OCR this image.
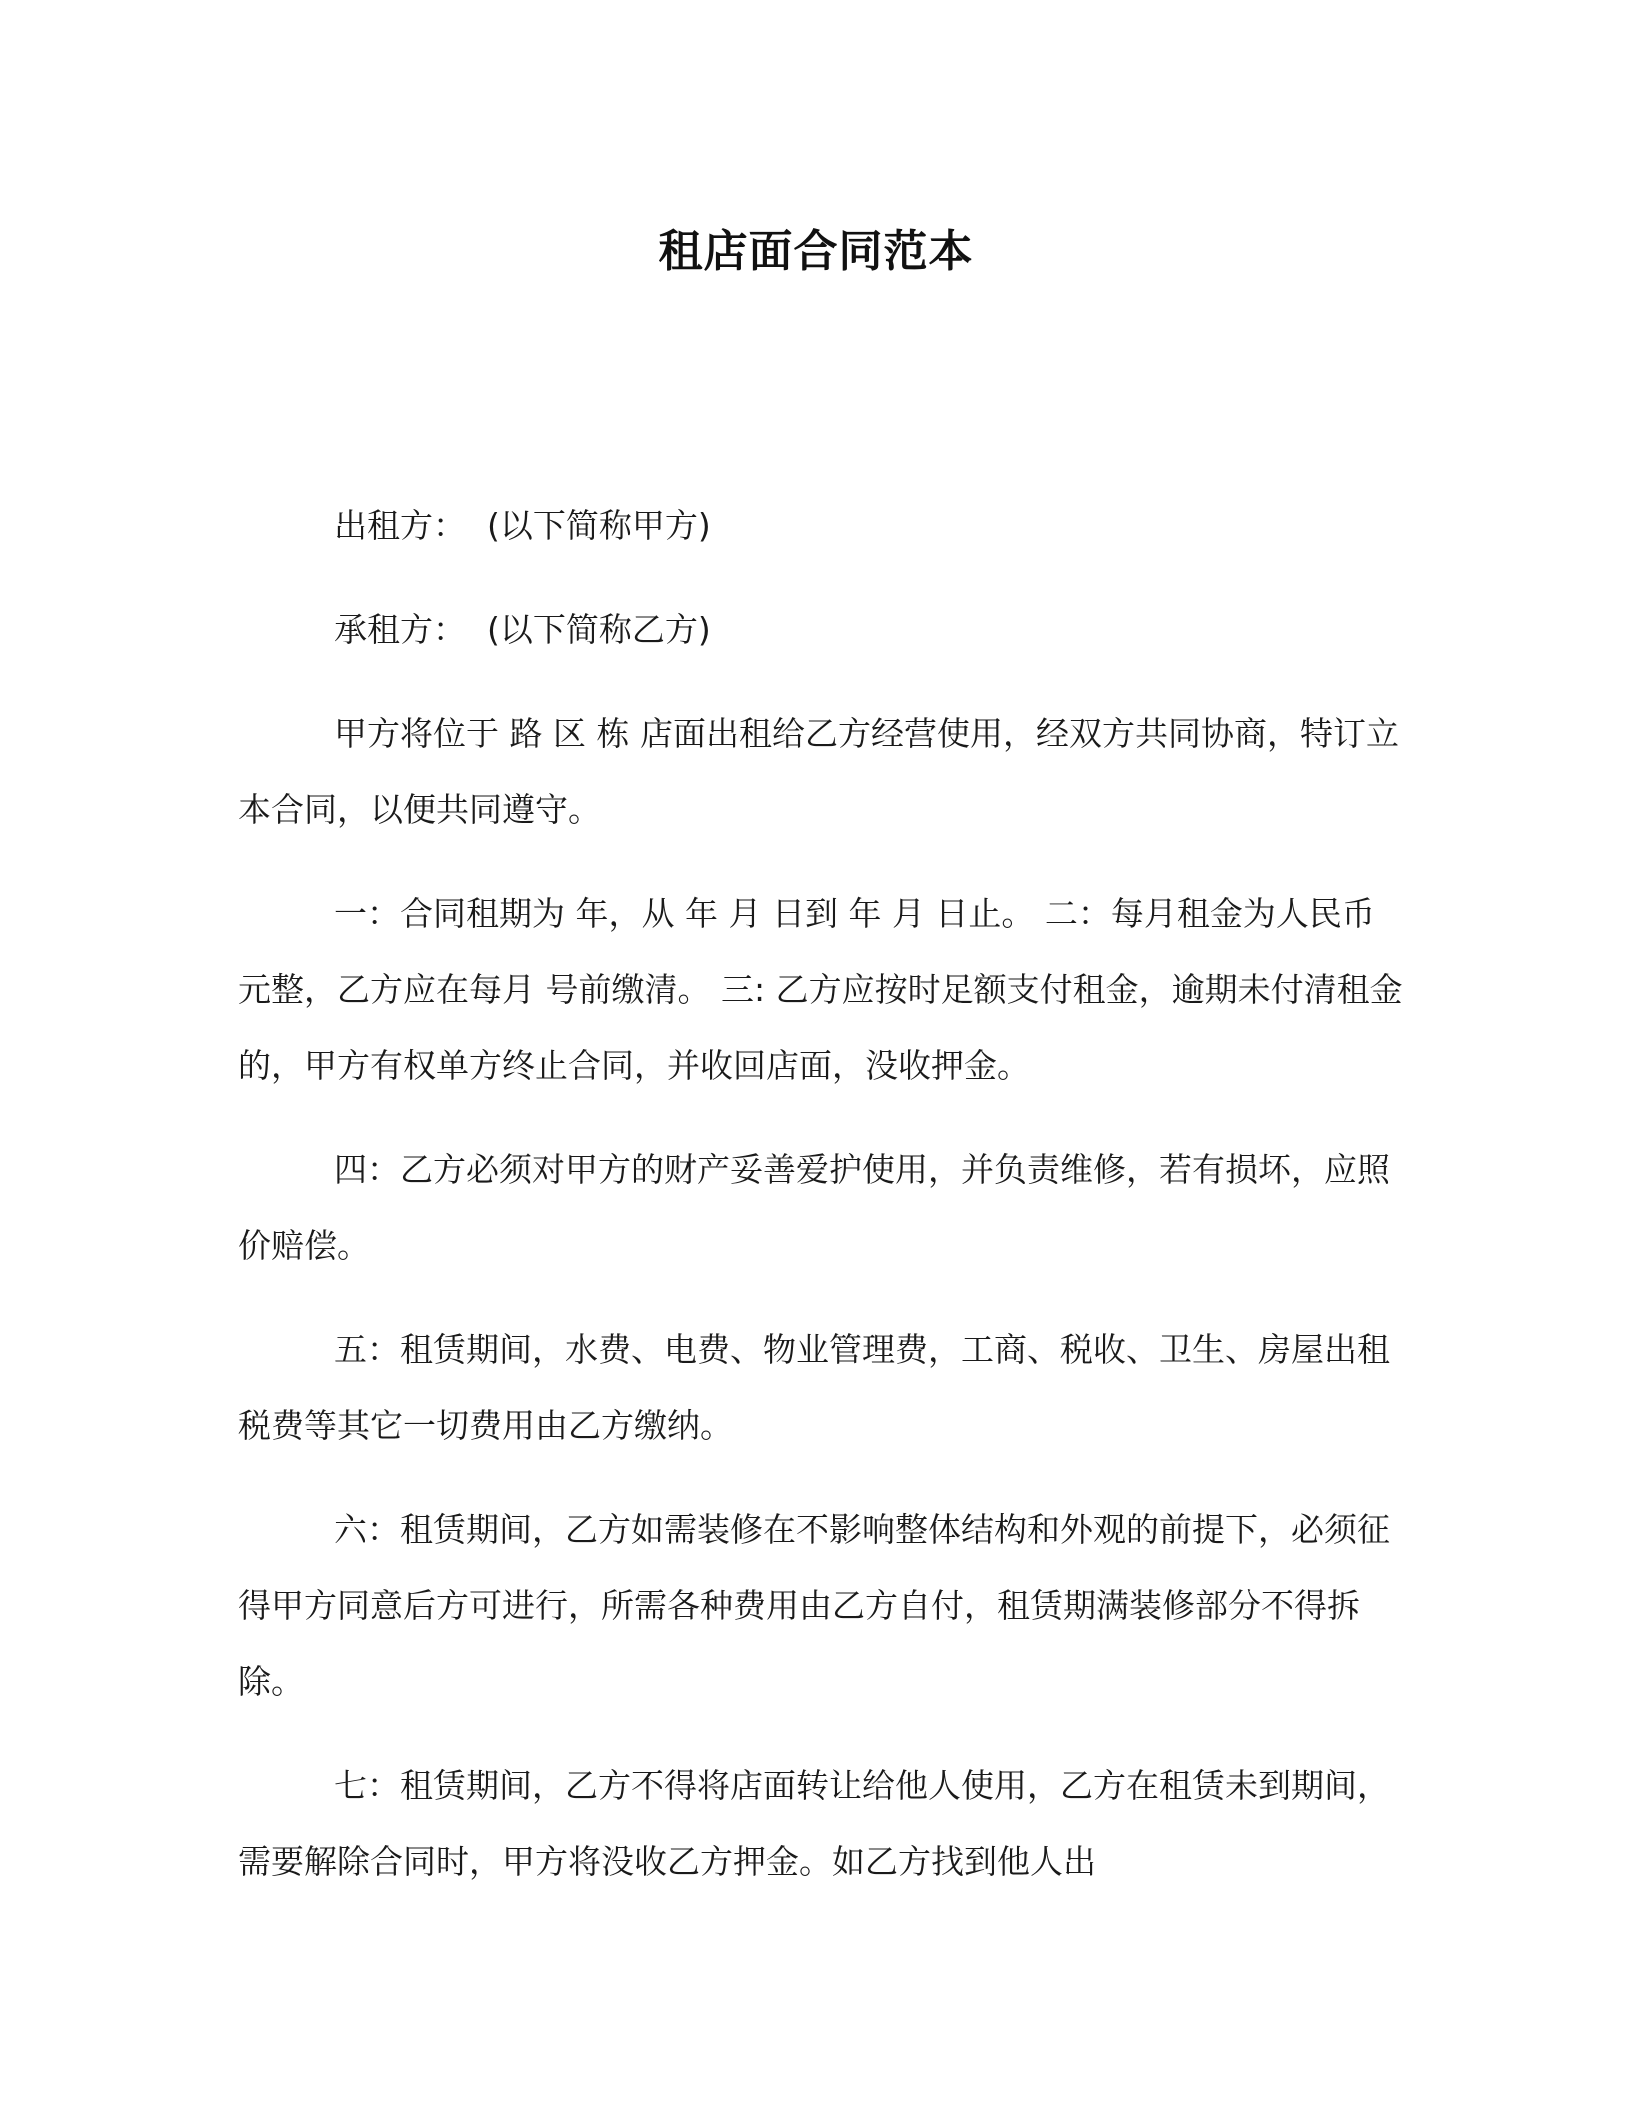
租店面合同范本

出租方：  (以下简称甲方)

承租方：  (以下简称乙方)

甲方将位于 路 区 栋 店面出租给乙方经营使用，经双方共同协商，特订立本合同，以便共同遵守。

一：合同租期为 年，从 年 月 日到 年 月 日止。 二：每月租金为人民币 元整，乙方应在每月 号前缴清。 三: 乙方应按时足额支付租金，逾期未付清租金的，甲方有权单方终止合同，并收回店面，没收押金。

四：乙方必须对甲方的财产妥善爱护使用，并负责维修，若有损坏，应照价赔偿。

五：租赁期间，水费、电费、物业管理费，工商、税收、卫生、房屋出租税费等其它一切费用由乙方缴纳。

六：租赁期间，乙方如需装修在不影响整体结构和外观的前提下，必须征得甲方同意后方可进行，所需各种费用由乙方自付，租赁期满装修部分不得拆除。

七：租赁期间，乙方不得将店面转让给他人使用，乙方在租赁未到期间，需要解除合同时，甲方将没收乙方押金。如乙方找到他人出
